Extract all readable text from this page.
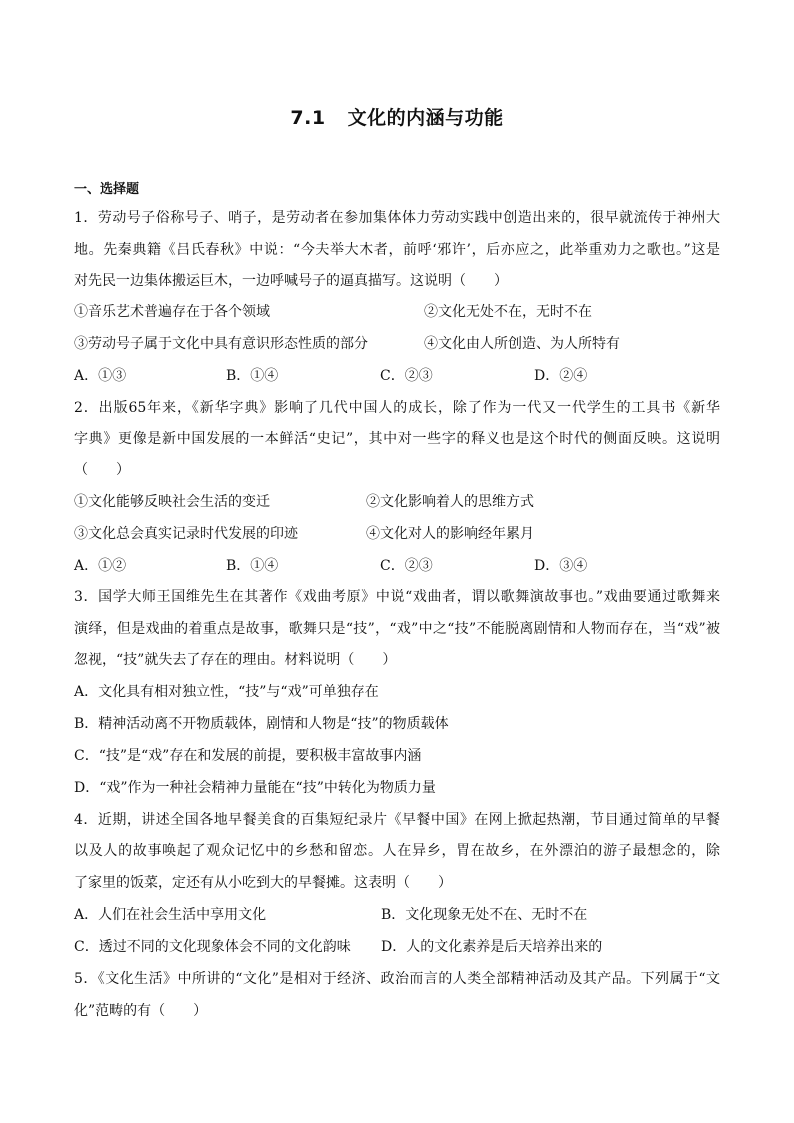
7.1 文化的内涵与功能
一、选择题
1．劳动号子俗称号子、哨子，是劳动者在参加集体体力劳动实践中创造出来的，很早就流传于神州大
地。先秦典籍《吕氏春秋》中说：“今夫举大木者，前呼‘邪许’，后亦应之，此举重劝力之歌也。”这是
对先民一边集体搬运巨木，一边呼喊号子的逼真描写。这说明（　　）
①音乐艺术普遍存在于各个领域	②文化无处不在，无时不在
③劳动号子属于文化中具有意识形态性质的部分	④文化由人所创造、为人所特有
A．①③	B．①④	C．②③	D．②④
2．出版65年来，《新华字典》影响了几代中国人的成长，除了作为一代又一代学生的工具书《新华
字典》更像是新中国发展的一本鲜活“史记”，其中对一些字的释义也是这个时代的侧面反映。这说明
（　　）
①文化能够反映社会生活的变迁	②文化影响着人的思维方式
③文化总会真实记录时代发展的印迹	④文化对人的影响经年累月
A．①②	B．①④	C．②③	D．③④
3．国学大师王国维先生在其著作《戏曲考原》中说“戏曲者，谓以歌舞演故事也。”戏曲要通过歌舞来
演绎，但是戏曲的着重点是故事，歌舞只是“技”，“戏”中之“技”不能脱离剧情和人物而存在，当“戏”被
忽视，“技”就失去了存在的理由。材料说明（　　）
A．文化具有相对独立性，“技”与“戏”可单独存在
B．精神活动离不开物质载体，剧情和人物是“技”的物质载体
C．“技”是“戏”存在和发展的前提，要积极丰富故事内涵
D．“戏”作为一种社会精神力量能在“技”中转化为物质力量
4．近期，讲述全国各地早餐美食的百集短纪录片《早餐中国》在网上掀起热潮，节目通过简单的早餐
以及人的故事唤起了观众记忆中的乡愁和留恋。人在异乡，胃在故乡，在外漂泊的游子最想念的，除
了家里的饭菜，定还有从小吃到大的早餐摊。这表明（　　）
A．人们在社会生活中享用文化	B．文化现象无处不在、无时不在
C．透过不同的文化现象体会不同的文化韵味 D．人的文化素养是后天培养出来的
5．《文化生活》中所讲的“文化”是相对于经济、政治而言的人类全部精神活动及其产品。下列属于“文
化”范畴的有（　　）
